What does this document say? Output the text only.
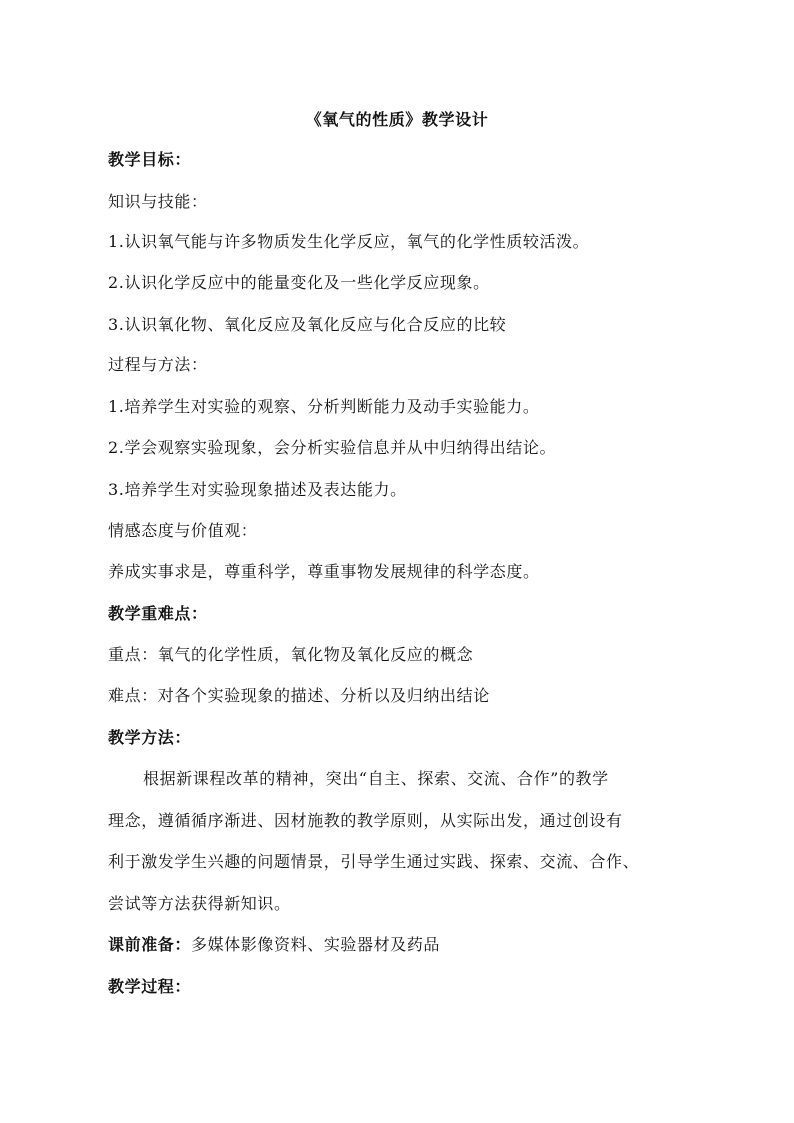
《氧气的性质》教学设计
教学目标：
知识与技能：
1.认识氧气能与许多物质发生化学反应，氧气的化学性质较活泼。
2.认识化学反应中的能量变化及一些化学反应现象。
3.认识氧化物、氧化反应及氧化反应与化合反应的比较
过程与方法：
1.培养学生对实验的观察、分析判断能力及动手实验能力。
2.学会观察实验现象，会分析实验信息并从中归纳得出结论。
3.培养学生对实验现象描述及表达能力。
情感态度与价值观：
养成实事求是，尊重科学，尊重事物发展规律的科学态度。
教学重难点：
重点：氧气的化学性质，氧化物及氧化反应的概念
难点：对各个实验现象的描述、分析以及归纳出结论
教学方法：
根据新课程改革的精神，突出“自主、探索、交流、合作”的教学
理念，遵循循序渐进、因材施教的教学原则，从实际出发，通过创设有
利于激发学生兴趣的问题情景，引导学生通过实践、探索、交流、合作、
尝试等方法获得新知识。
课前准备：多媒体影像资料、实验器材及药品
教学过程：
